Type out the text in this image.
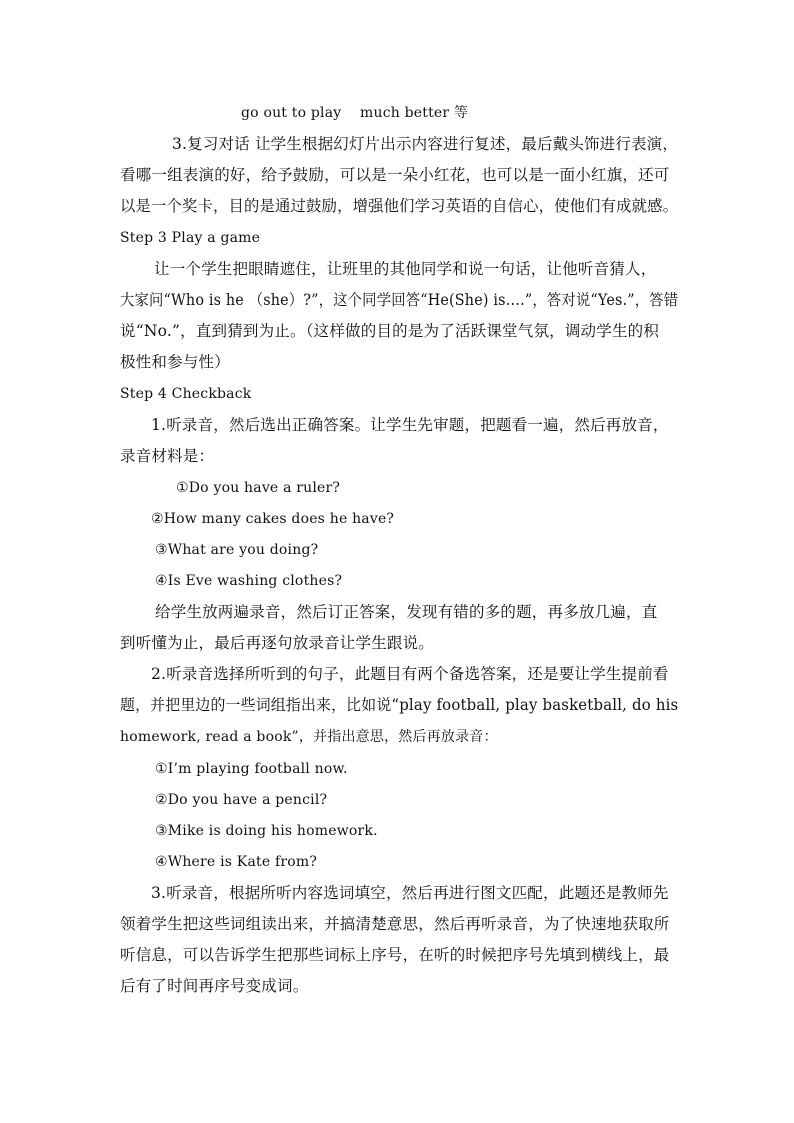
go out to play much better 等
3.复习对话 让学生根据幻灯片出示内容进行复述，最后戴头饰进行表演，
看哪一组表演的好，给予鼓励，可以是一朵小红花，也可以是一面小红旗，还可
以是一个奖卡，目的是通过鼓励，增强他们学习英语的自信心，使他们有成就感。
Step 3 Play a game
让一个学生把眼睛遮住，让班里的其他同学和说一句话，让他听音猜人，
大家问“Who is he （she）?”，这个同学回答“He(She) is….”，答对说“Yes.”，答错
说“No.”，直到猜到为止。（这样做的目的是为了活跃课堂气氛，调动学生的积
极性和参与性）
Step 4 Checkback
1.听录音，然后选出正确答案。让学生先审题，把题看一遍，然后再放音，
录音材料是：
①Do you have a ruler?
②How many cakes does he have?
③What are you doing?
④Is Eve washing clothes?
给学生放两遍录音，然后订正答案，发现有错的多的题，再多放几遍，直
到听懂为止，最后再逐句放录音让学生跟说。
2.听录音选择所听到的句子，此题目有两个备选答案，还是要让学生提前看
题，并把里边的一些词组指出来，比如说“play football, play basketball, do his
homework, read a book”，并指出意思，然后再放录音：
①I’m playing football now.
②Do you have a pencil?
③Mike is doing his homework.
④Where is Kate from?
3.听录音，根据所听内容选词填空，然后再进行图文匹配，此题还是教师先
领着学生把这些词组读出来，并搞清楚意思，然后再听录音，为了快速地获取所
听信息，可以告诉学生把那些词标上序号，在听的时候把序号先填到横线上，最
后有了时间再序号变成词。
